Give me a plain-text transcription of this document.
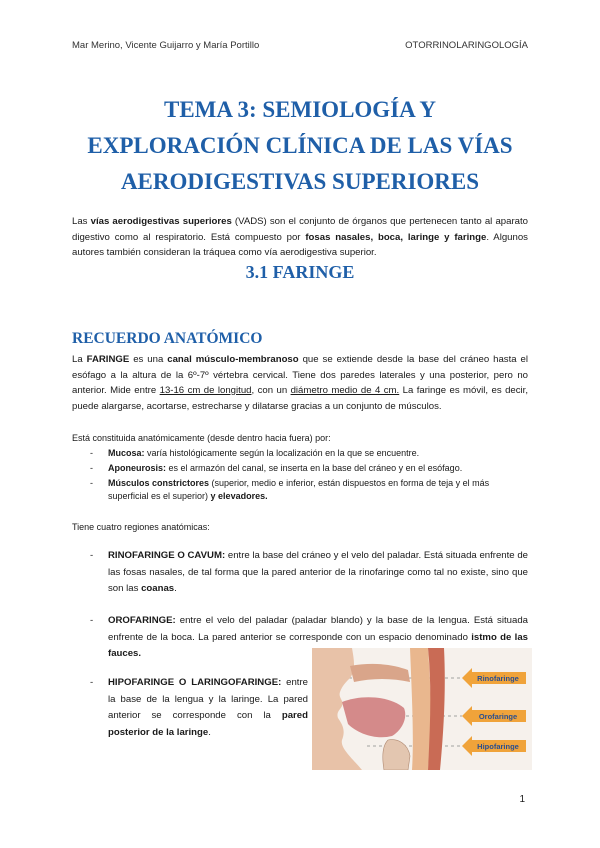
Mar Merino, Vicente Guijarro y María Portillo	OTORRINOLARINGOLOGÍA
TEMA 3: SEMIOLOGÍA Y
EXPLORACIÓN CLÍNICA DE LAS VÍAS
AERODIGESTIVAS SUPERIORES
Las vías aerodigestivas superiores (VADS) son el conjunto de órganos que pertenecen tanto al aparato digestivo como al respiratorio. Está compuesto por fosas nasales, boca, laringe y faringe. Algunos autores también consideran la tráquea como vía aerodigestiva superior.
3.1 FARINGE
RECUERDO ANATÓMICO
La FARINGE es una canal músculo-membranoso que se extiende desde la base del cráneo hasta el esófago a la altura de la 6º-7º vértebra cervical. Tiene dos paredes laterales y una posterior, pero no anterior. Mide entre 13-16 cm de longitud, con un diámetro medio de 4 cm. La faringe es móvil, es decir, puede alargarse, acortarse, estrecharse y dilatarse gracias a un conjunto de músculos.
Está constituida anatómicamente (desde dentro hacia fuera) por:
- Mucosa: varía histológicamente según la localización en la que se encuentre.
- Aponeurosis: es el armazón del canal, se inserta en la base del cráneo y en el esófago.
- Músculos constrictores (superior, medio e inferior, están dispuestos en forma de teja y el más superficial es el superior) y elevadores.
Tiene cuatro regiones anatómicas:
- RINOFARINGE O CAVUM: entre la base del cráneo y el velo del paladar. Está situada enfrente de las fosas nasales, de tal forma que la pared anterior de la rinofaringe como tal no existe, sino que son las coanas.
- OROFARINGE: entre el velo del paladar (paladar blando) y la base de la lengua. Está situada enfrente de la boca. La pared anterior se corresponde con un espacio denominado istmo de las fauces.
- HIPOFARINGE O LARINGOFARINGE: entre la base de la lengua y la laringe. La pared anterior se corresponde con la pared posterior de la laringe.
Rinofaringe
Orofaringe
Hipofaringe
1
